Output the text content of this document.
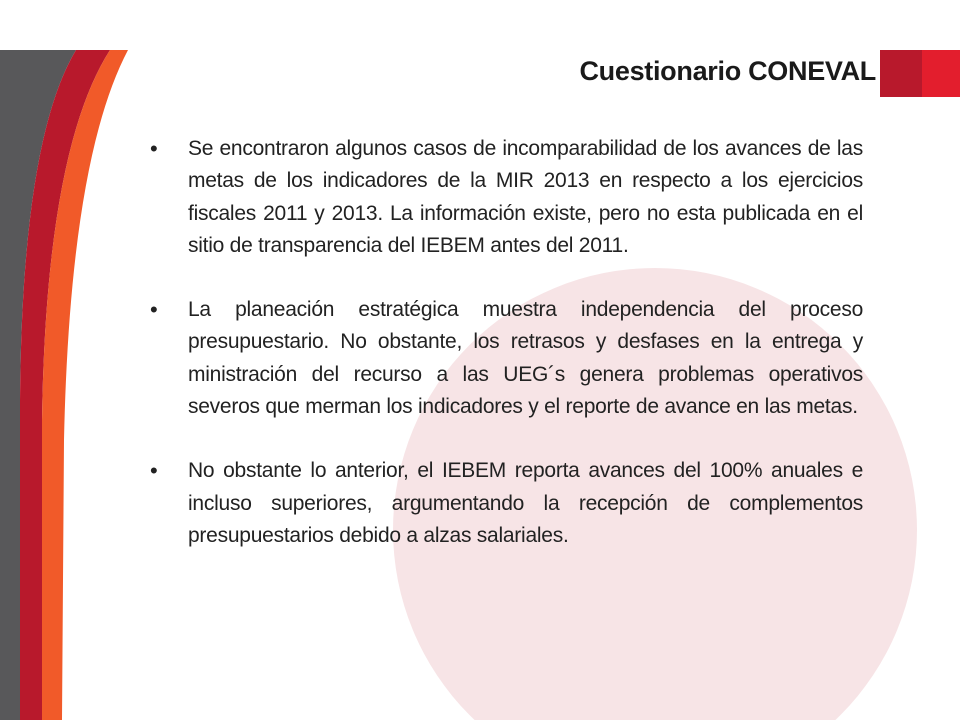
Cuestionario CONEVAL
• Se encontraron algunos casos de incomparabilidad de los avances de las metas de los indicadores de la MIR 2013 en respecto a los ejercicios fiscales 2011 y 2013. La información existe, pero no esta publicada en el sitio de transparencia del IEBEM antes del 2011.
• La planeación estratégica muestra independencia del proceso presupuestario. No obstante, los retrasos y desfases en la entrega y ministración del recurso a las UEG´s genera problemas operativos severos que merman los indicadores y el reporte de avance en las metas.
• No obstante lo anterior, el IEBEM reporta avances del 100% anuales e incluso superiores, argumentando la recepción de complementos presupuestarios debido a alzas salariales.
